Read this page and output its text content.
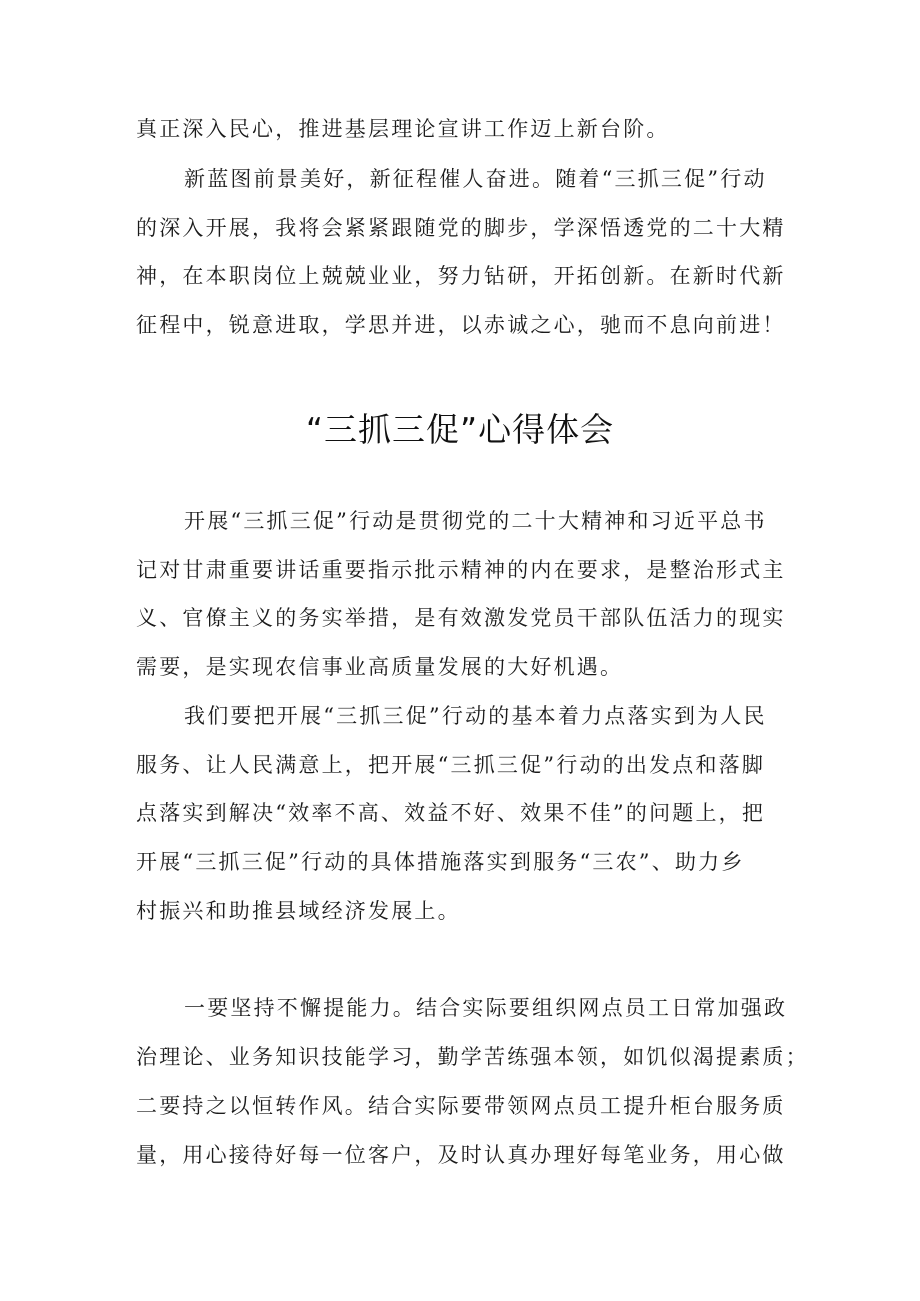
真正深入民心，推进基层理论宣讲工作迈上新台阶。
新蓝图前景美好，新征程催人奋进。随着“三抓三促”行动
的深入开展，我将会紧紧跟随党的脚步，学深悟透党的二十大精
神，在本职岗位上兢兢业业，努力钻研，开拓创新。在新时代新
征程中，锐意进取，学思并进，以赤诚之心，驰而不息向前进！
“三抓三促”心得体会
开展“三抓三促”行动是贯彻党的二十大精神和习近平总书
记对甘肃重要讲话重要指示批示精神的内在要求，是整治形式主
义、官僚主义的务实举措，是有效激发党员干部队伍活力的现实
需要，是实现农信事业高质量发展的大好机遇。
我们要把开展“三抓三促”行动的基本着力点落实到为人民
服务、让人民满意上，把开展“三抓三促”行动的出发点和落脚
点落实到解决“效率不高、效益不好、效果不佳”的问题上，把
开展“三抓三促”行动的具体措施落实到服务“三农”、助力乡
村振兴和助推县域经济发展上。
一要坚持不懈提能力。结合实际要组织网点员工日常加强政
治理论、业务知识技能学习，勤学苦练强本领，如饥似渴提素质；
二要持之以恒转作风。结合实际要带领网点员工提升柜台服务质
量，用心接待好每一位客户，及时认真办理好每笔业务，用心做
